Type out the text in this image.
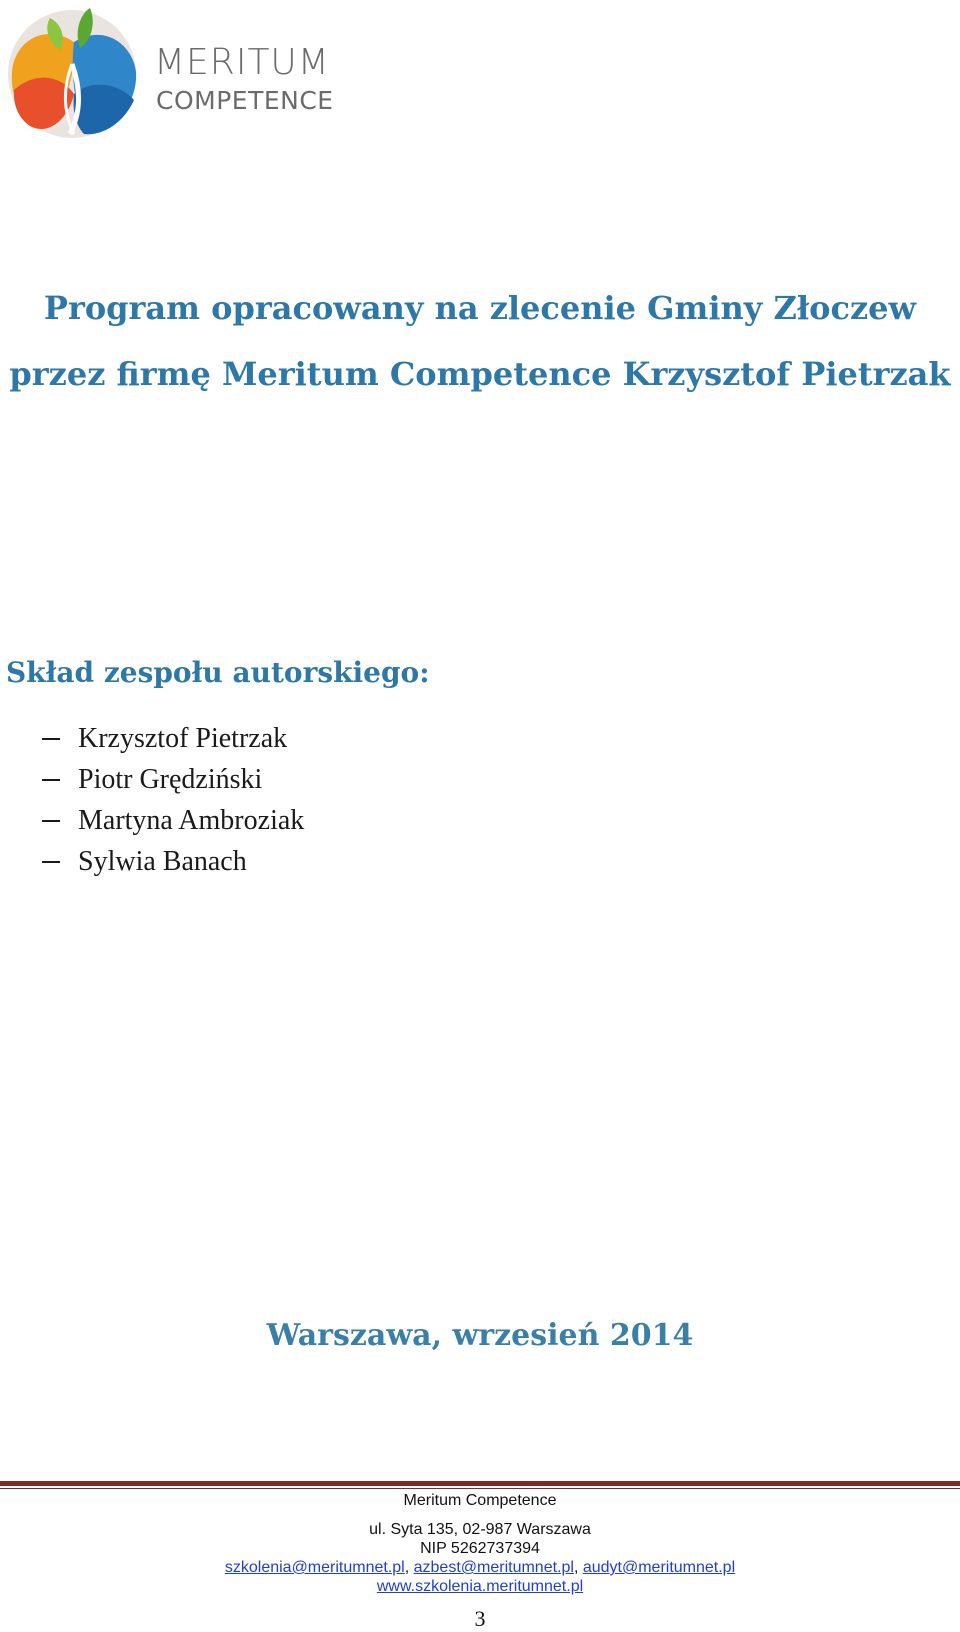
MERITUM
COMPETENCE
Program opracowany na zlecenie Gminy Złoczew
przez firmę Meritum Competence Krzysztof Pietrzak
Skład zespołu autorskiego:
Krzysztof Pietrzak
Piotr Grędziński
Martyna Ambroziak
Sylwia Banach
Warszawa, wrzesień 2014
Meritum Competence
ul. Syta 135, 02-987 Warszawa
NIP 5262737394
szkolenia@meritumnet.pl, azbest@meritumnet.pl, audyt@meritumnet.pl
www.szkolenia.meritumnet.pl
3
